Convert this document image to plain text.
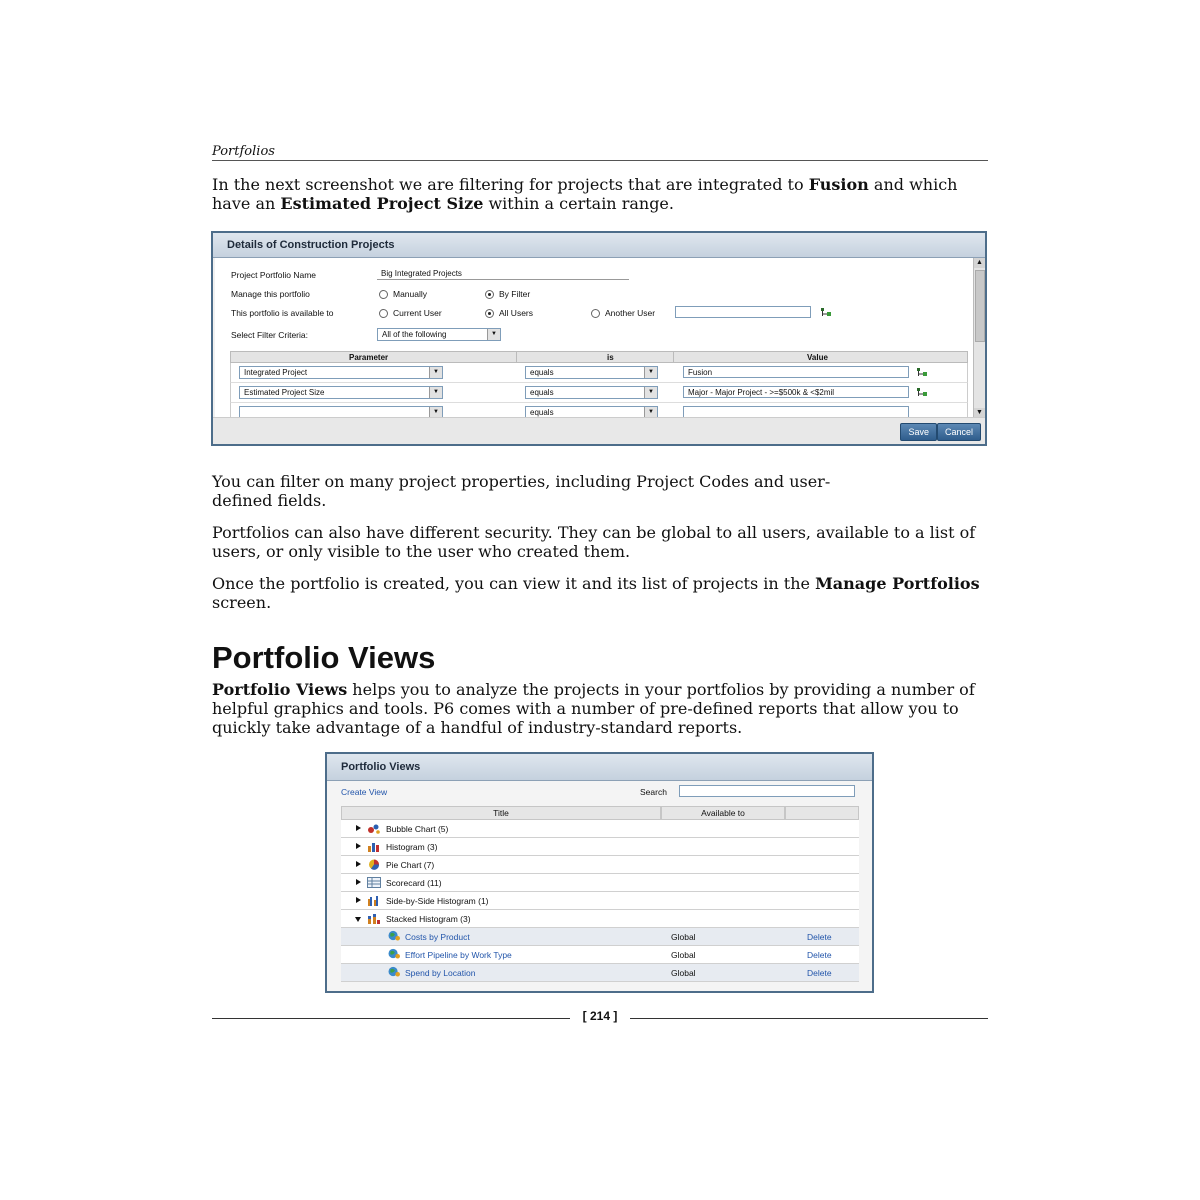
Portfolios
In the next screenshot we are filtering for projects that are integrated to Fusion and which have an Estimated Project Size within a certain range.
Details of Construction Projects
Project Portfolio Name	Big Integrated Projects
Manage this portfolio	Manually	By Filter
This portfolio is available to	Current User	All Users	Another User
Select Filter Criteria:	All of the following	▼
Parameter	is	Value
Integrated Project	▼	equals	▼	Fusion
Estimated Project Size	▼	equals	▼	Major - Major Project - >=$500k & <$2mil
▼	equals	▼
▲
▼
Save	Cancel
You can filter on many project properties, including Project Codes and user-defined fields.
Portfolios can also have different security. They can be global to all users, available to a list of users, or only visible to the user who created them.
Once the portfolio is created, you can view it and its list of projects in the Manage Portfolios screen.
Portfolio Views
Portfolio Views helps you to analyze the projects in your portfolios by providing a number of helpful graphics and tools. P6 comes with a number of pre-defined reports that allow you to quickly take advantage of a handful of industry-standard reports.
Portfolio Views
Create View	Search
Title	Available to
Bubble Chart (5)
Histogram (3)
Pie Chart (7)
Scorecard (11)
Side-by-Side Histogram (1)
Stacked Histogram (3)
Costs by Product	Global	Delete
Effort Pipeline by Work Type	Global	Delete
Spend by Location	Global	Delete
[ 214 ]
